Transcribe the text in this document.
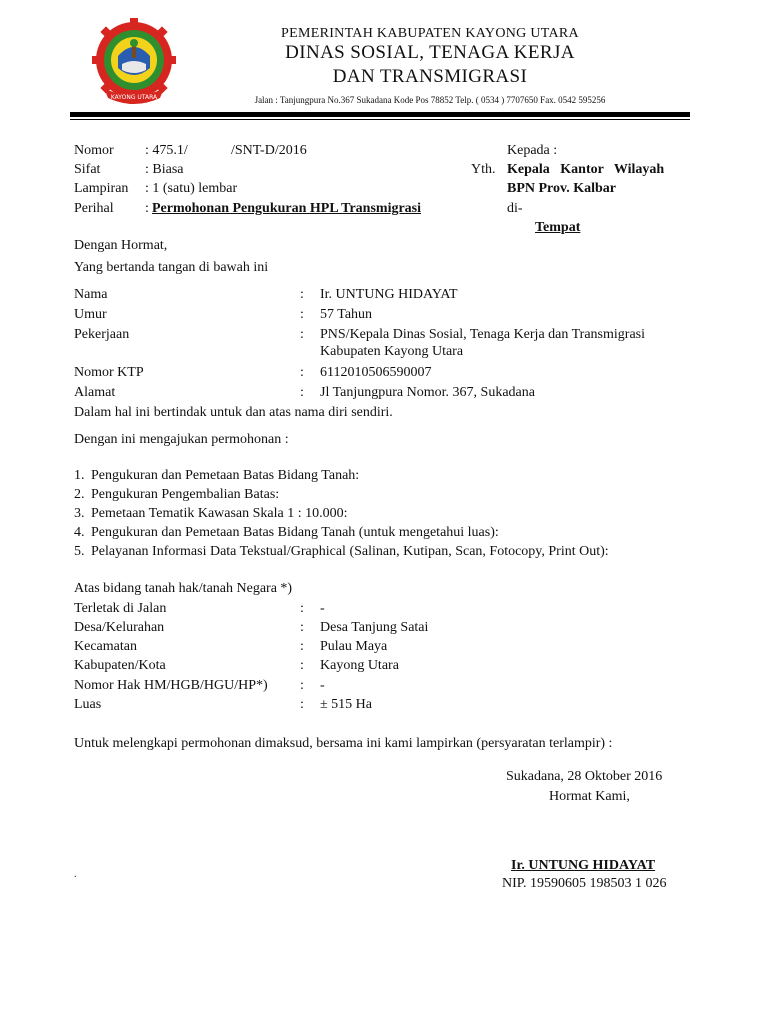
KAYONG UTARA
PEMERINTAH KABUPATEN KAYONG UTARA
DINAS SOSIAL, TENAGA KERJA
DAN TRANSMIGRASI
Jalan : Tanjungpura No.367 Sukadana Kode Pos 78852 Telp. ( 0534 ) 7707650 Fax. 0542 595256
Nomor : 475.1/	/SNT-D/2016
Sifat	: Biasa
Lampiran : 1 (satu) lembar
Perihal : Permohonan Pengukuran HPL Transmigrasi
Kepada :
Yth. Kepala   Kantor   Wilayah
BPN Prov. Kalbar
di-
Tempat
Dengan Hormat,
Yang bertanda tangan di bawah ini
Nama	: Ir. UNTUNG HIDAYAT
Umur	: 57 Tahun
Pekerjaan	: PNS/Kepala Dinas Sosial, Tenaga Kerja dan Transmigrasi
Kabupaten Kayong Utara
Nomor KTP	: 6112010506590007
Alamat	: Jl Tanjungpura Nomor. 367, Sukadana
Dalam hal ini bertindak untuk dan atas nama diri sendiri.
Dengan ini mengajukan permohonan :
1. Pengukuran dan Pemetaan Batas Bidang Tanah:
2. Pengukuran Pengembalian Batas:
3. Pemetaan Tematik Kawasan Skala 1 : 10.000:
4. Pengukuran dan Pemetaan Batas Bidang Tanah (untuk mengetahui luas):
5. Pelayanan Informasi Data Tekstual/Graphical (Salinan, Kutipan, Scan, Fotocopy, Print Out):
Atas bidang tanah hak/tanah Negara *)
Terletak di Jalan	: -
Desa/Kelurahan	: Desa Tanjung Satai
Kecamatan	: Pulau Maya
Kabupaten/Kota	: Kayong Utara
Nomor Hak HM/HGB/HGU/HP*) : -
Luas	: ± 515 Ha
Untuk melengkapi permohonan dimaksud, bersama ini kami lampirkan (persyaratan terlampir) :
Sukadana, 28 Oktober 2016
Hormat Kami,
Ir. UNTUNG HIDAYAT
NIP. 19590605 198503 1 026
.
